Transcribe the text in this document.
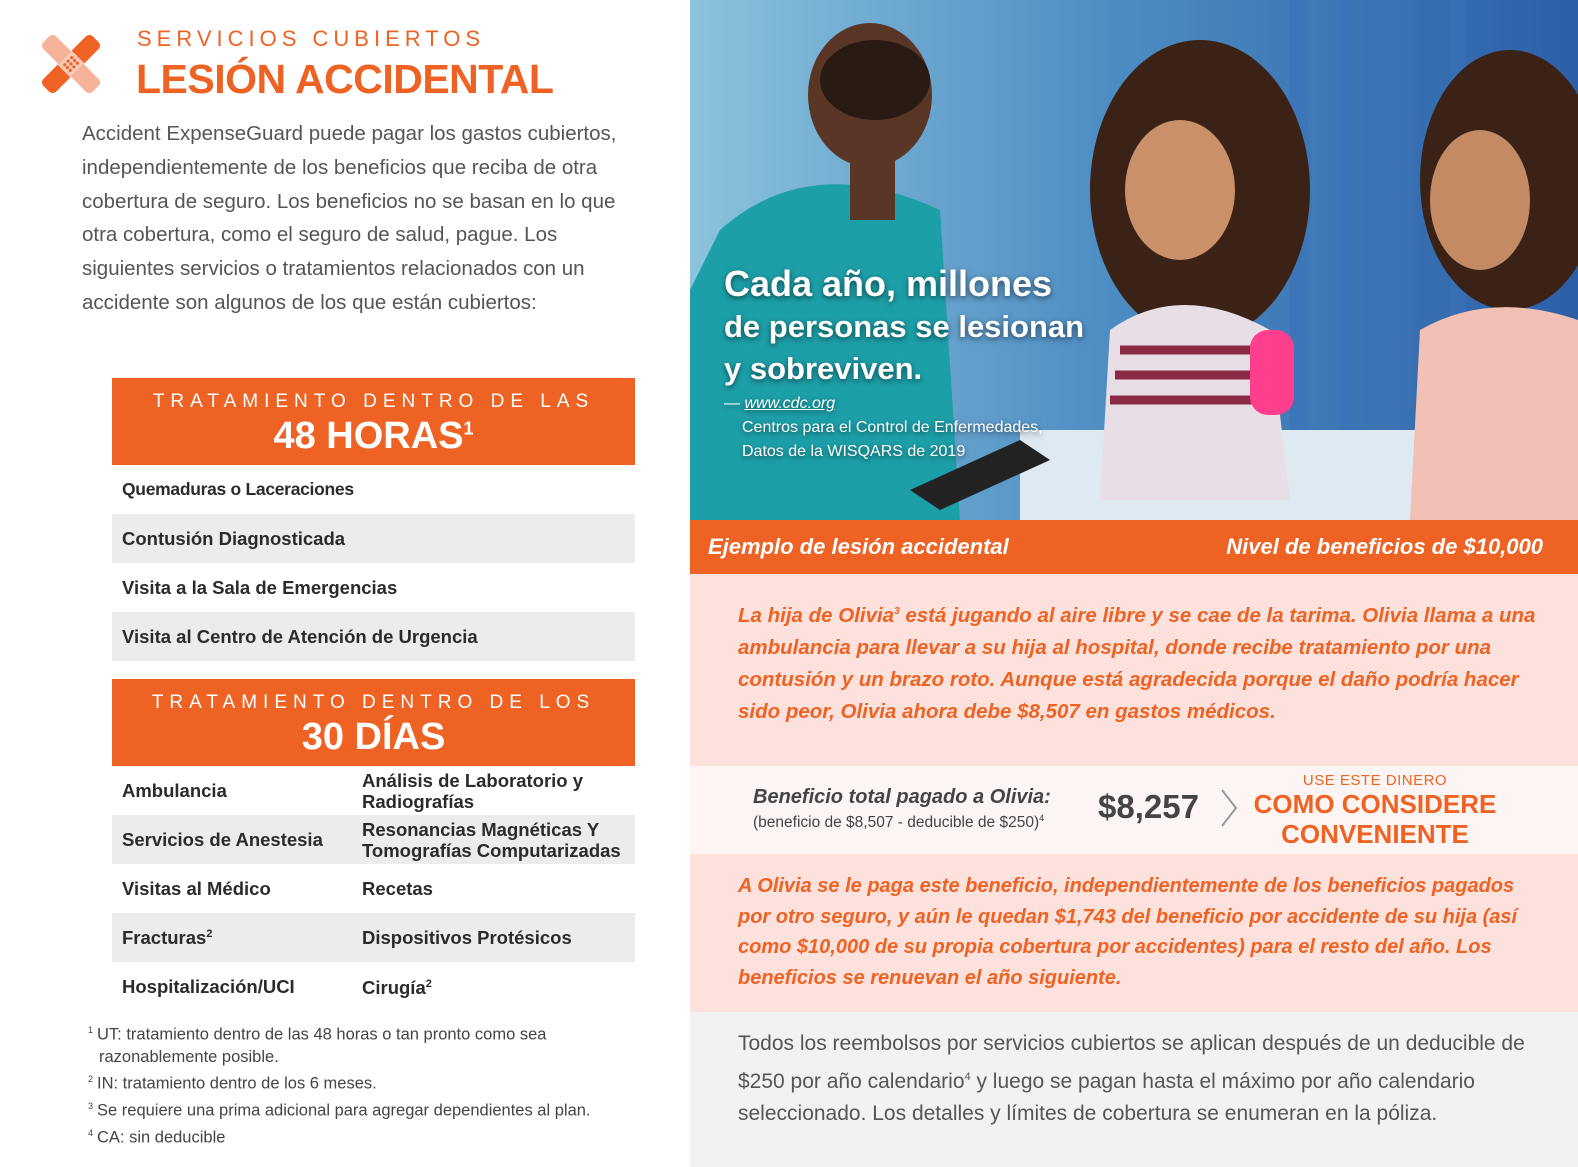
SERVICIOS CUBIERTOS
LESIÓN ACCIDENTAL

Accident ExpenseGuard puede pagar los gastos cubiertos, independientemente de los beneficios que reciba de otra cobertura de seguro. Los beneficios no se basan en lo que otra cobertura, como el seguro de salud, pague. Los siguientes servicios o tratamientos relacionados con un accidente son algunos de los que están cubiertos:

TRATAMIENTO DENTRO DE LAS
48 HORAS$^1$
Quemaduras o Laceraciones
Contusión Diagnosticada
Visita a la Sala de Emergencias
Visita al Centro de Atención de Urgencia
TRATAMIENTO DENTRO DE LOS
30 DÍAS
Ambulancia	Análisis de Laboratorio y Radiografías
Servicios de Anestesia	Resonancias Magnéticas Y Tomografías Computarizadas
Visitas al Médico	Recetas
Fracturas$^2$	Dispositivos Protésicos
Hospitalización/UCI	Cirugía$^2$
$^1$ UT: tratamiento dentro de las 48 horas o tan pronto como sea razonablemente posible.
$^2$ IN: tratamiento dentro de los 6 meses.
$^3$ Se requiere una prima adicional para agregar dependientes al plan.
$^4$ CA: sin deducible
Cada año, millones
de personas se lesionan
y sobreviven.
— www.cdc.org
Centros para el Control de Enfermedades,
Datos de la WISQARS de 2019
Ejemplo de lesión accidental	Nivel de beneficios de $10,000
La hija de Olivia$^3$ está jugando al aire libre y se cae de la tarima. Olivia llama a una ambulancia para llevar a su hija al hospital, donde recibe tratamiento por una contusión y un brazo roto. Aunque está agradecida porque el daño podría hacer sido peor, Olivia ahora debe $8,507 en gastos médicos.
Beneficio total pagado a Olivia:
(beneficio de $8,507 - deducible de $250)$^4$ $8,257
USE ESTE DINERO
COMO CONSIDERE
CONVENIENTE
A Olivia se le paga este beneficio, independientemente de los beneficios pagados por otro seguro, y aún le quedan $1,743 del beneficio por accidente de su hija (así como $10,000 de su propia cobertura por accidentes) para el resto del año. Los beneficios se renuevan el año siguiente.

Todos los reembolsos por servicios cubiertos se aplican después de un deducible de $250 por año calendario$^4$ y luego se pagan hasta el máximo por año calendario seleccionado. Los detalles y límites de cobertura se enumeran en la póliza.
